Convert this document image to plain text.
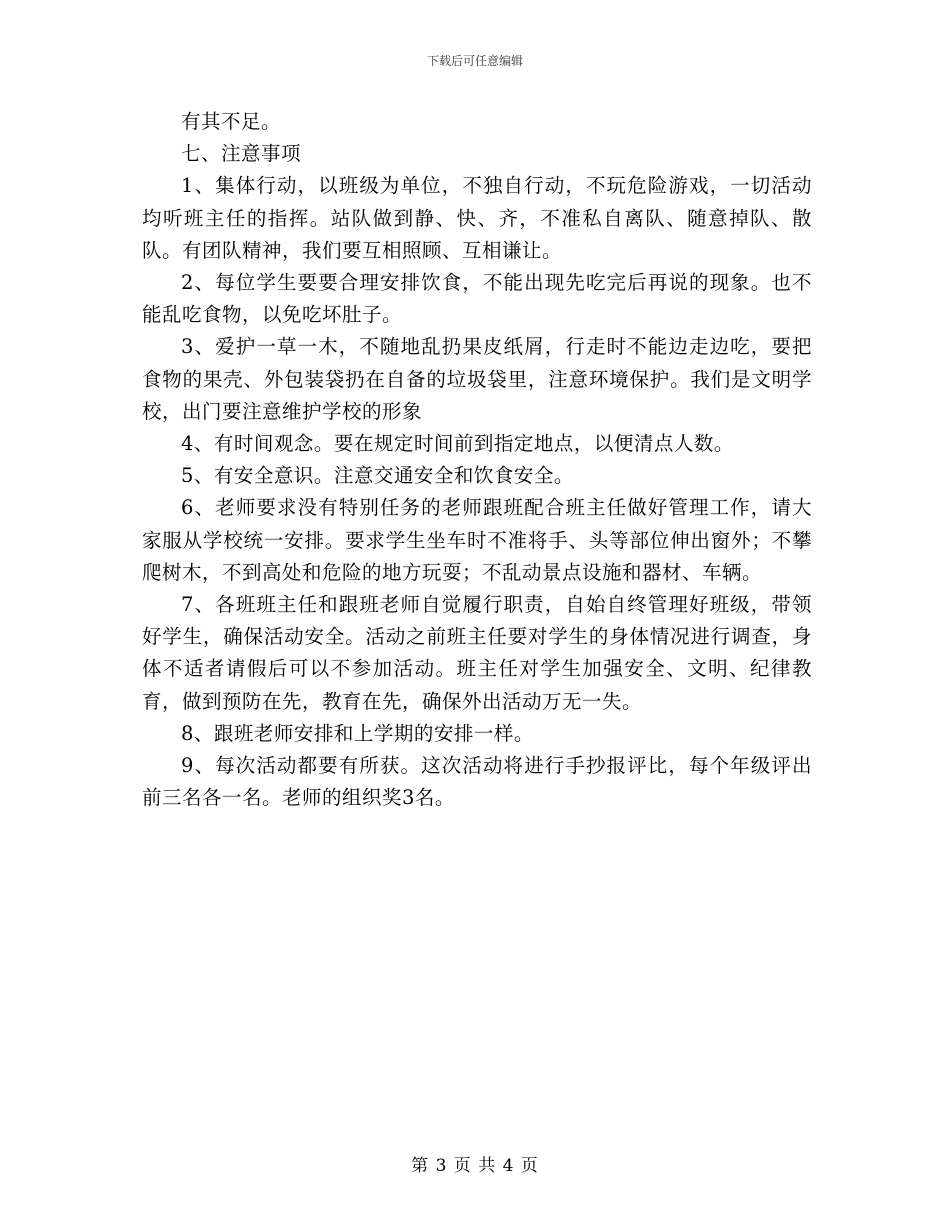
下载后可任意编辑

有其不足。

七、注意事项

1、集体行动，以班级为单位，不独自行动，不玩危险游戏，一切活动均听班主任的指挥。站队做到静、快、齐，不准私自离队、随意掉队、散队。有团队精神，我们要互相照顾、互相谦让。

2、每位学生要要合理安排饮食，不能出现先吃完后再说的现象。也不能乱吃食物，以免吃坏肚子。

3、爱护一草一木，不随地乱扔果皮纸屑，行走时不能边走边吃，要把食物的果壳、外包装袋扔在自备的垃圾袋里，注意环境保护。我们是文明学校，出门要注意维护学校的形象

4、有时间观念。要在规定时间前到指定地点，以便清点人数。

5、有安全意识。注意交通安全和饮食安全。

6、老师要求没有特别任务的老师跟班配合班主任做好管理工作，请大家服从学校统一安排。要求学生坐车时不准将手、头等部位伸出窗外；不攀爬树木，不到高处和危险的地方玩耍；不乱动景点设施和器材、车辆。

7、各班班主任和跟班老师自觉履行职责，自始自终管理好班级，带领好学生，确保活动安全。活动之前班主任要对学生的身体情况进行调查，身体不适者请假后可以不参加活动。班主任对学生加强安全、文明、纪律教育，做到预防在先，教育在先，确保外出活动万无一失。

8、跟班老师安排和上学期的安排一样。

9、每次活动都要有所获。这次活动将进行手抄报评比，每个年级评出前三名各一名。老师的组织奖3名。

第 3 页 共 4 页
